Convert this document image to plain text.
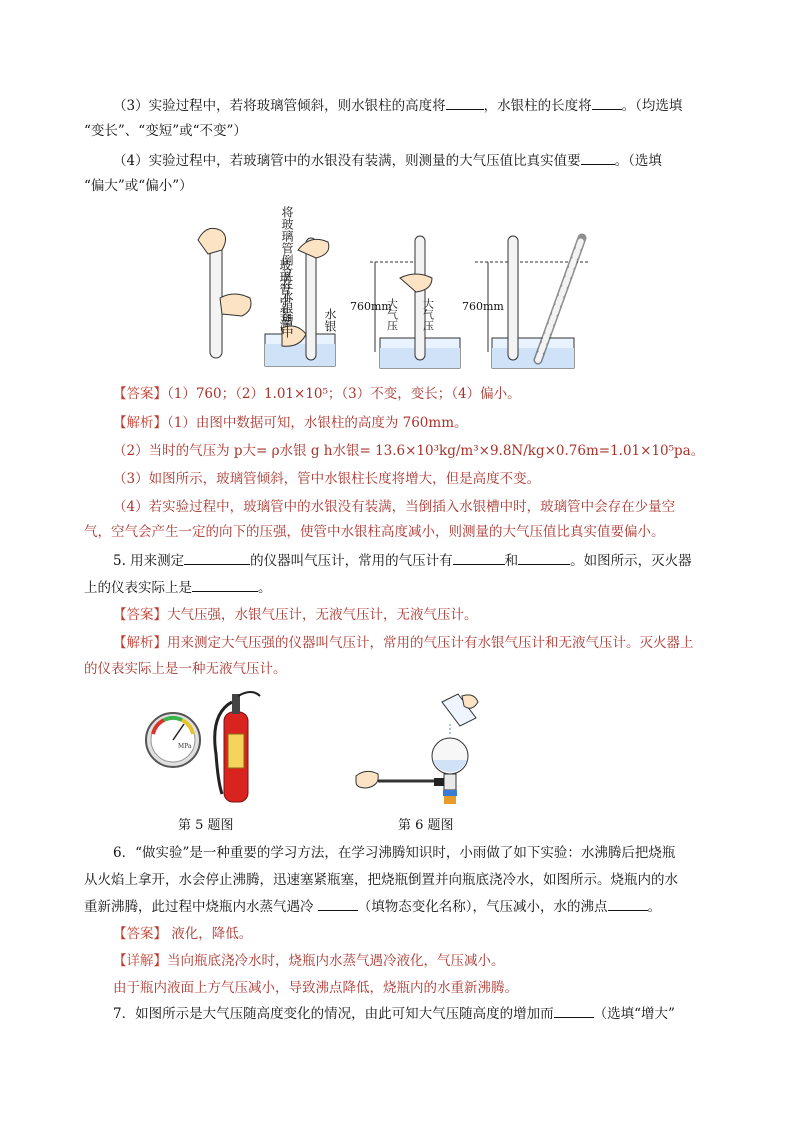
（3）实验过程中，若将玻璃管倾斜，则水银柱的高度将	，水银柱的长度将 。（均选填
“变长”、“变短”或“不变”）
（4）实验过程中，若玻璃管中的水银没有装满，则测量的大气压值比真实值要	。（选填
“偏大”或“偏小”）
玻璃管中装满水银
将玻璃管倒立在水银槽中 水银
760mm
大气压 大气压	760mm
【答案】（1）760；（2）1.01×10⁵；（3）不变，变长；（4）偏小。
【解析】（1）由图中数据可知，水银柱的高度为 760mm。
（2）当时的气压为 p大= ρ水银 g h水银= 13.6×10³kg/m³×9.8N/kg×0.76m=1.01×10⁵pa。
（3）如图所示，玻璃管倾斜，管中水银柱长度将增大，但是高度不变。
（4）若实验过程中，玻璃管中的水银没有装满，当倒插入水银槽中时，玻璃管中会存在少量空
气，空气会产生一定的向下的压强，使管中水银柱高度减小，则测量的大气压值比真实值要偏小。
5. 用来测定	的仪器叫气压计，常用的气压计有	和	。如图所示，灭火器
上的仪表实际上是	。
【答案】大气压强，水银气压计，无液气压计，无液气压计。
【解析】用来测定大气压强的仪器叫气压计，常用的气压计有水银气压计和无液气压计。灭火器上
的仪表实际上是一种无液气压计。
MPa
第 5 题图	第 6 题图
6．“做实验”是一种重要的学习方法，在学习沸腾知识时，小雨做了如下实验：水沸腾后把烧瓶
从火焰上拿开，水会停止沸腾，迅速塞紧瓶塞，把烧瓶倒置并向瓶底浇冷水，如图所示。烧瓶内的水
重新沸腾，此过程中烧瓶内水蒸气遇冷	（填物态变化名称），气压减小，水的沸点	。
【答案】 液化，降低。
【详解】当向瓶底浇冷水时，烧瓶内水蒸气遇冷液化，气压减小。
由于瓶内液面上方气压减小，导致沸点降低，烧瓶内的水重新沸腾。
7．如图所示是大气压随高度变化的情况，由此可知大气压随高度的增加而	（选填“增大”
